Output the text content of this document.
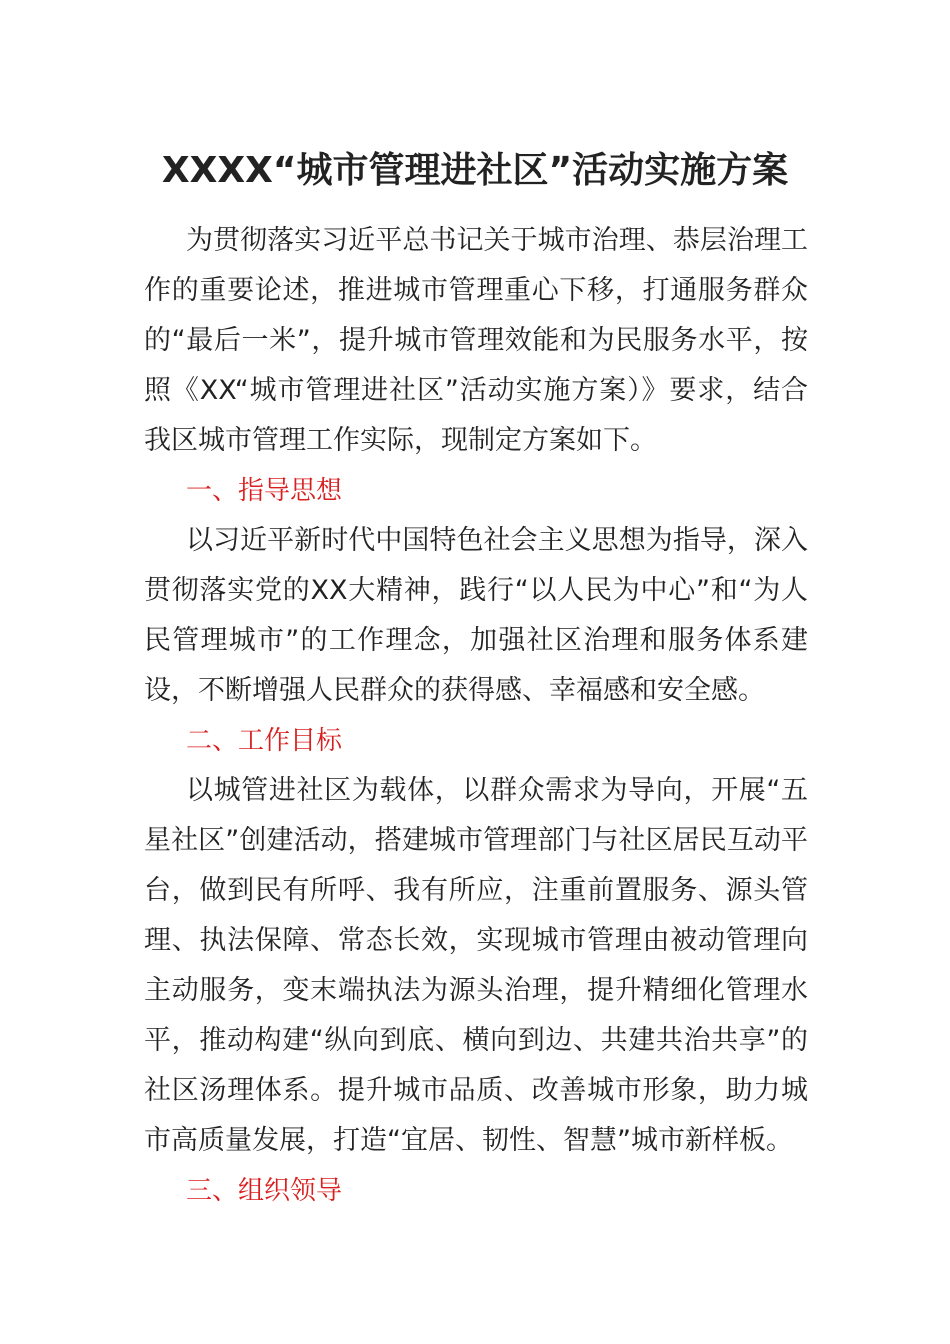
XXXX“城市管理进社区”活动实施方案

为贯彻落实习近平总书记关于城市治理、恭层治理工作的重要论述，推进城市管理重心下移，打通服务群众的“最后一米”，提升城市管理效能和为民服务水平，按照《XX“城市管理进社区”活动实施方案）》要求，结合我区城市管理工作实际，现制定方案如下。

一、指导思想

以习近平新时代中国特色社会主义思想为指导，深入贯彻落实党的XX大精神，践行“以人民为中心”和“为人民管理城市”的工作理念，加强社区治理和服务体系建设，不断增强人民群众的获得感、幸福感和安全感。

二、工作目标

以城管进社区为载体，以群众需求为导向，开展“五星社区”创建活动，搭建城市管理部门与社区居民互动平台，做到民有所呼、我有所应，注重前置服务、源头管理、执法保障、常态长效，实现城市管理由被动管理向主动服务，变末端执法为源头治理，提升精细化管理水平，推动构建“纵向到底、横向到边、共建共治共享”的社区汤理体系。提升城市品质、改善城市形象，助力城市高质量发展，打造“宜居、韧性、智慧”城市新样板。

三、组织领导
